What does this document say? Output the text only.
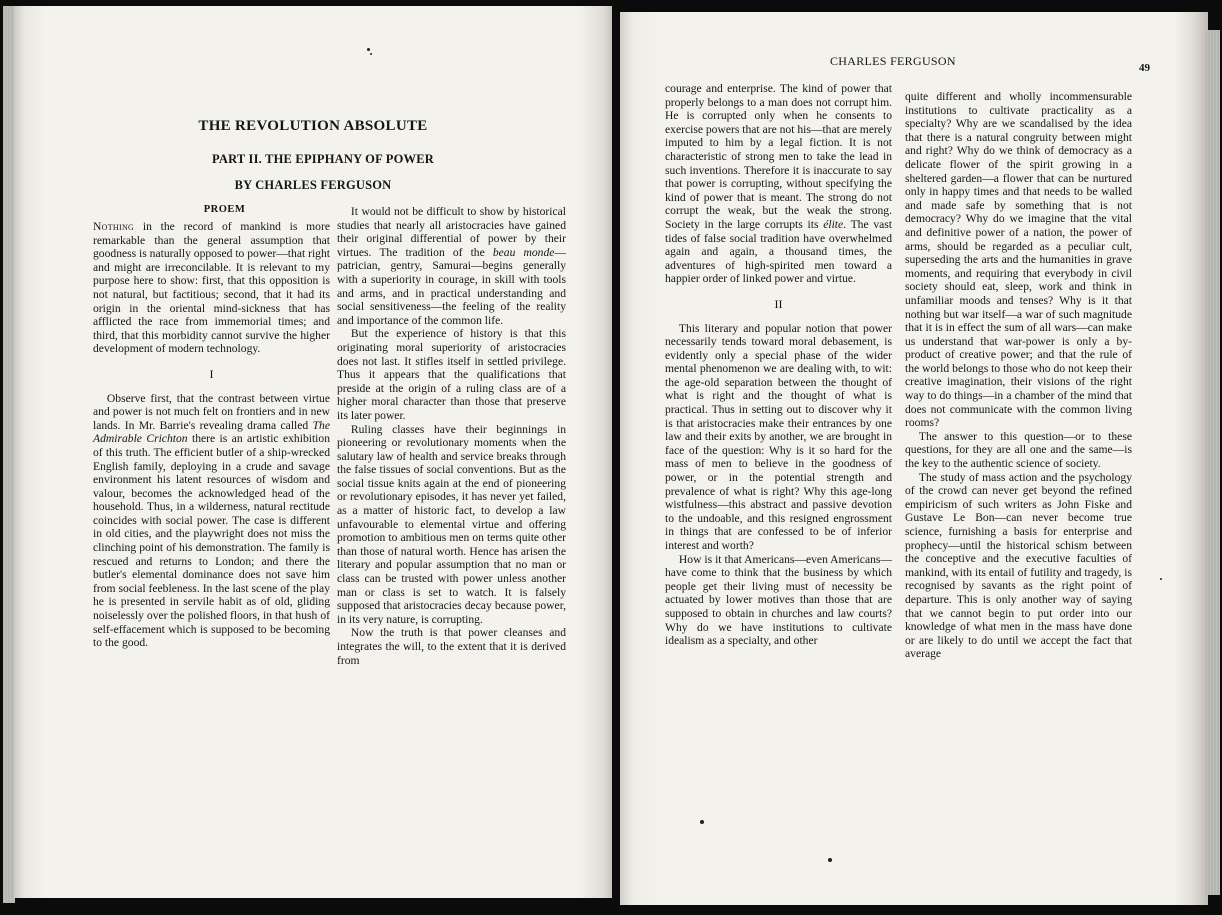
THE REVOLUTION ABSOLUTE
PART II. THE EPIPHANY OF POWER
BY CHARLES FERGUSON
PROEM

Nothing in the record of mankind is more remarkable than the general assumption that goodness is naturally opposed to power—that right and might are irreconcilable. It is relevant to my purpose here to show: first, that this opposition is not natural, but factitious; second, that it had its origin in the oriental mind-sickness that has afflicted the race from immemorial times; and third, that this morbidity cannot survive the higher development of modern technology.

I

Observe first, that the contrast between virtue and power is not much felt on frontiers and in new lands. In Mr. Barrie's revealing drama called The Admirable Crichton there is an artistic exhibition of this truth. The efficient butler of a ship-wrecked English family, deploying in a crude and savage environment his latent resources of wisdom and valour, becomes the acknowledged head of the household. Thus, in a wilderness, natural rectitude coincides with social power. The case is different in old cities, and the playwright does not miss the clinching point of his demonstration. The family is rescued and returns to London; and there the butler's elemental dominance does not save him from social feebleness. In the last scene of the play he is presented in servile habit as of old, gliding noiselessly over the polished floors, in that hush of self-effacement which is supposed to be becoming to the good.

It would not be difficult to show by historical studies that nearly all aristocracies have gained their original differential of power by their virtues. The tradition of the beau monde—patrician, gentry, Samurai—begins generally with a superiority in courage, in skill with tools and arms, and in practical understanding and social sensitiveness—the feeling of the reality and importance of the common life.

But the experience of history is that this originating moral superiority of aristocracies does not last. It stifles itself in settled privilege. Thus it appears that the qualifications that preside at the origin of a ruling class are of a higher moral character than those that preserve its later power.

Ruling classes have their beginnings in pioneering or revolutionary moments when the salutary law of health and service breaks through the false tissues of social conventions. But as the social tissue knits again at the end of pioneering or revolutionary episodes, it has never yet failed, as a matter of historic fact, to develop a law unfavourable to elemental virtue and offering promotion to ambitious men on terms quite other than those of natural worth. Hence has arisen the literary and popular assumption that no man or class can be trusted with power unless another man or class is set to watch. It is falsely supposed that aristocracies decay because power, in its very nature, is corrupting.

Now the truth is that power cleanses and integrates the will, to the extent that it is derived from

CHARLES FERGUSON	49

courage and enterprise. The kind of power that properly belongs to a man does not corrupt him. He is corrupted only when he consents to exercise powers that are not his—that are merely imputed to him by a legal fiction. It is not characteristic of strong men to take the lead in such inventions. Therefore it is inaccurate to say that power is corrupting, without specifying the kind of power that is meant. The strong do not corrupt the weak, but the weak the strong. Society in the large corrupts its élite. The vast tides of false social tradition have overwhelmed again and again, a thousand times, the adventures of high-spirited men toward a happier order of linked power and virtue.

II

This literary and popular notion that power necessarily tends toward moral debasement, is evidently only a special phase of the wider mental phenomenon we are dealing with, to wit: the age-old separation between the thought of what is right and the thought of what is practical. Thus in setting out to discover why it is that aristocracies make their entrances by one law and their exits by another, we are brought in face of the question: Why is it so hard for the mass of men to believe in the goodness of power, or in the potential strength and prevalence of what is right? Why this age-long wistfulness—this abstract and passive devotion to the undoable, and this resigned engrossment in things that are confessed to be of inferior interest and worth?

How is it that Americans—even Americans—have come to think that the business by which people get their living must of necessity be actuated by lower motives than those that are supposed to obtain in churches and law courts? Why do we have institutions to cultivate idealism as a specialty, and other

quite different and wholly incommensurable institutions to cultivate practicality as a specialty? Why are we scandalised by the idea that there is a natural congruity between might and right? Why do we think of democracy as a delicate flower of the spirit growing in a sheltered garden—a flower that can be nurtured only in happy times and that needs to be walled and made safe by something that is not democracy? Why do we imagine that the vital and definitive power of a nation, the power of arms, should be regarded as a peculiar cult, superseding the arts and the humanities in grave moments, and requiring that everybody in civil society should eat, sleep, work and think in unfamiliar moods and tenses? Why is it that nothing but war itself—a war of such magnitude that it is in effect the sum of all wars—can make us understand that war-power is only a by-product of creative power; and that the rule of the world belongs to those who do not keep their creative imagination, their visions of the right way to do things—in a chamber of the mind that does not communicate with the common living rooms?

The answer to this question—or to these questions, for they are all one and the same—is the key to the authentic science of society.

The study of mass action and the psychology of the crowd can never get beyond the refined empiricism of such writers as John Fiske and Gustave Le Bon—can never become true science, furnishing a basis for enterprise and prophecy—until the historical schism between the conceptive and the executive faculties of mankind, with its entail of futility and tragedy, is recognised by savants as the right point of departure. This is only another way of saying that we cannot begin to put order into our knowledge of what men in the mass have done or are likely to do until we accept the fact that average
